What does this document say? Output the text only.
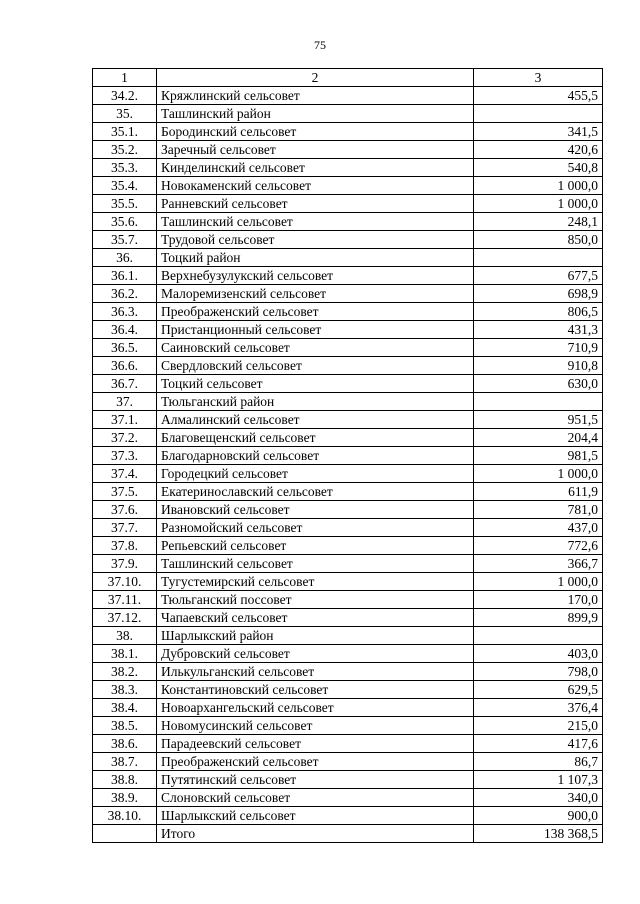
75
1	2	3
34.2.	Кряжлинский сельсовет	455,5
35.	Ташлинский район	
35.1.	Бородинский сельсовет	341,5
35.2.	Заречный сельсовет	420,6
35.3.	Кинделинский сельсовет	540,8
35.4.	Новокаменский сельсовет	1 000,0
35.5.	Ранневский сельсовет	1 000,0
35.6.	Ташлинский сельсовет	248,1
35.7.	Трудовой сельсовет	850,0
36.	Тоцкий район	
36.1.	Верхнебузулукский сельсовет	677,5
36.2.	Малоремизенский сельсовет	698,9
36.3.	Преображенский сельсовет	806,5
36.4.	Пристанционный сельсовет	431,3
36.5.	Саиновский сельсовет	710,9
36.6.	Свердловский сельсовет	910,8
36.7.	Тоцкий сельсовет	630,0
37.	Тюльганский район	
37.1.	Алмалинский сельсовет	951,5
37.2.	Благовещенский сельсовет	204,4
37.3.	Благодарновский сельсовет	981,5
37.4.	Городецкий сельсовет	1 000,0
37.5.	Екатеринославский сельсовет	611,9
37.6.	Ивановский сельсовет	781,0
37.7.	Разномойский сельсовет	437,0
37.8.	Репьевский сельсовет	772,6
37.9.	Ташлинский сельсовет	366,7
37.10.	Тугустемирский сельсовет	1 000,0
37.11.	Тюльганский поссовет	170,0
37.12.	Чапаевский сельсовет	899,9
38.	Шарлыкский район	
38.1.	Дубровский сельсовет	403,0
38.2.	Илькульганский сельсовет	798,0
38.3.	Константиновский сельсовет	629,5
38.4.	Новоархангельский сельсовет	376,4
38.5.	Новомусинский сельсовет	215,0
38.6.	Парадеевский сельсовет	417,6
38.7.	Преображенский сельсовет	86,7
38.8.	Путятинский сельсовет	1 107,3
38.9.	Слоновский сельсовет	340,0
38.10.	Шарлыкский сельсовет	900,0
	Итого	138 368,5
